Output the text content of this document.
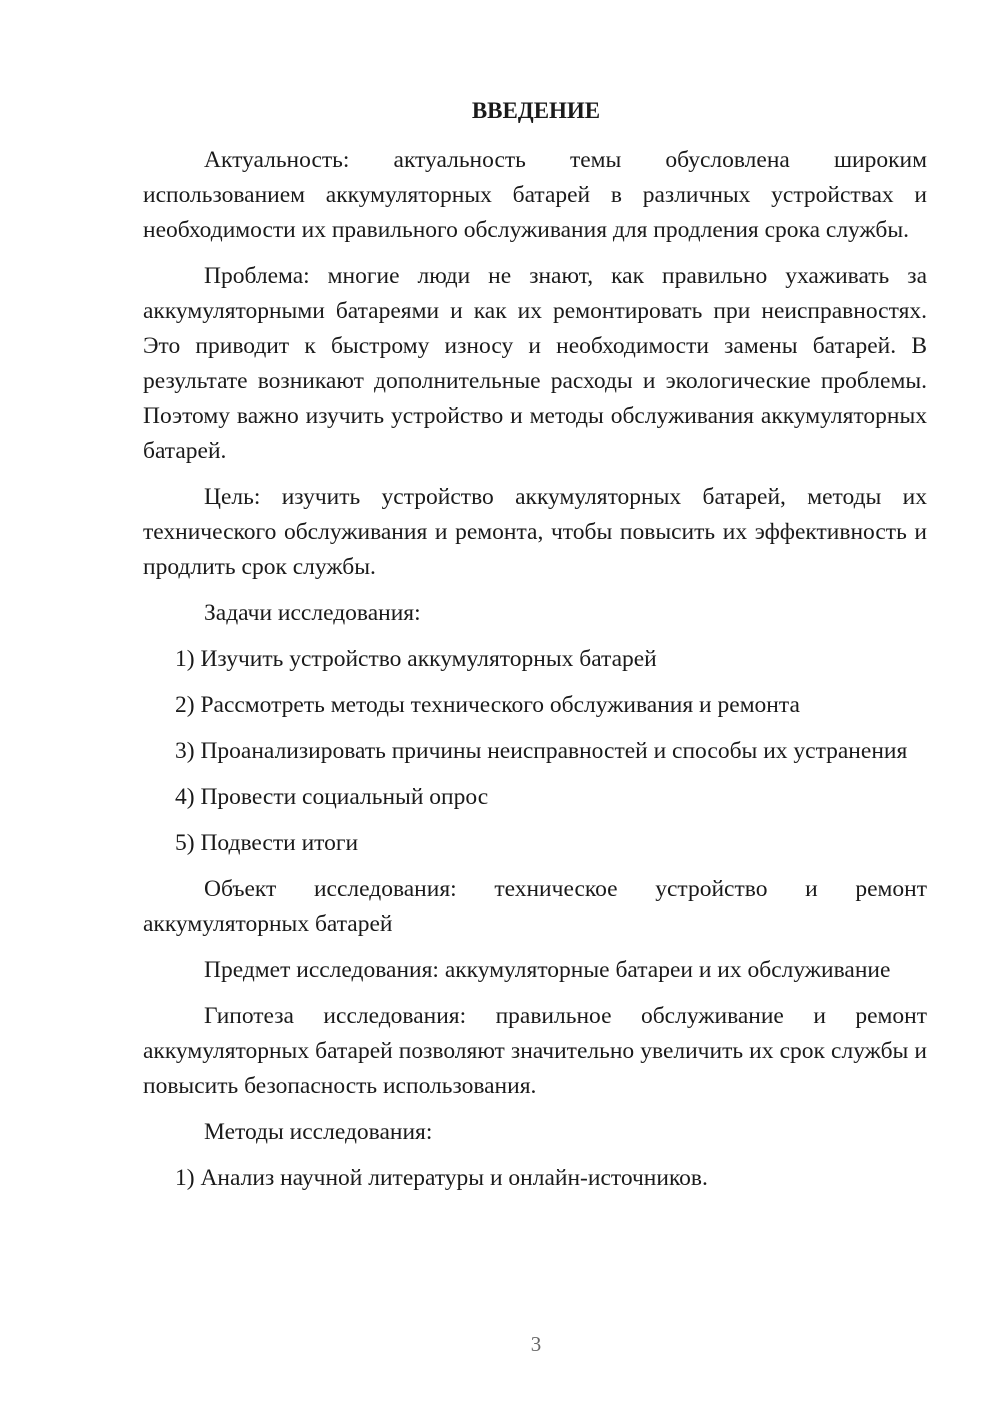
ВВЕДЕНИЕ

Актуальность: актуальность темы обусловлена широким использованием аккумуляторных батарей в различных устройствах и необходимости их правильного обслуживания для продления срока службы.

Проблема: многие люди не знают, как правильно ухаживать за аккумуляторными батареями и как их ремонтировать при неисправностях. Это приводит к быстрому износу и необходимости замены батарей. В результате возникают дополнительные расходы и экологические проблемы. Поэтому важно изучить устройство и методы обслуживания аккумуляторных батарей.

Цель: изучить устройство аккумуляторных батарей, методы их технического обслуживания и ремонта, чтобы повысить их эффективность и продлить срок службы.

Задачи исследования:

1) Изучить устройство аккумуляторных батарей

2) Рассмотреть методы технического обслуживания и ремонта

3) Проанализировать причины неисправностей и способы их устранения

4) Провести социальный опрос

5) Подвести итоги

Объект исследования: техническое устройство и ремонт аккумуляторных батарей

Предмет исследования: аккумуляторные батареи и их обслуживание

Гипотеза исследования: правильное обслуживание и ремонт аккумуляторных батарей позволяют значительно увеличить их срок службы и повысить безопасность использования.

Методы исследования:

1) Анализ научной литературы и онлайн-источников.

3
